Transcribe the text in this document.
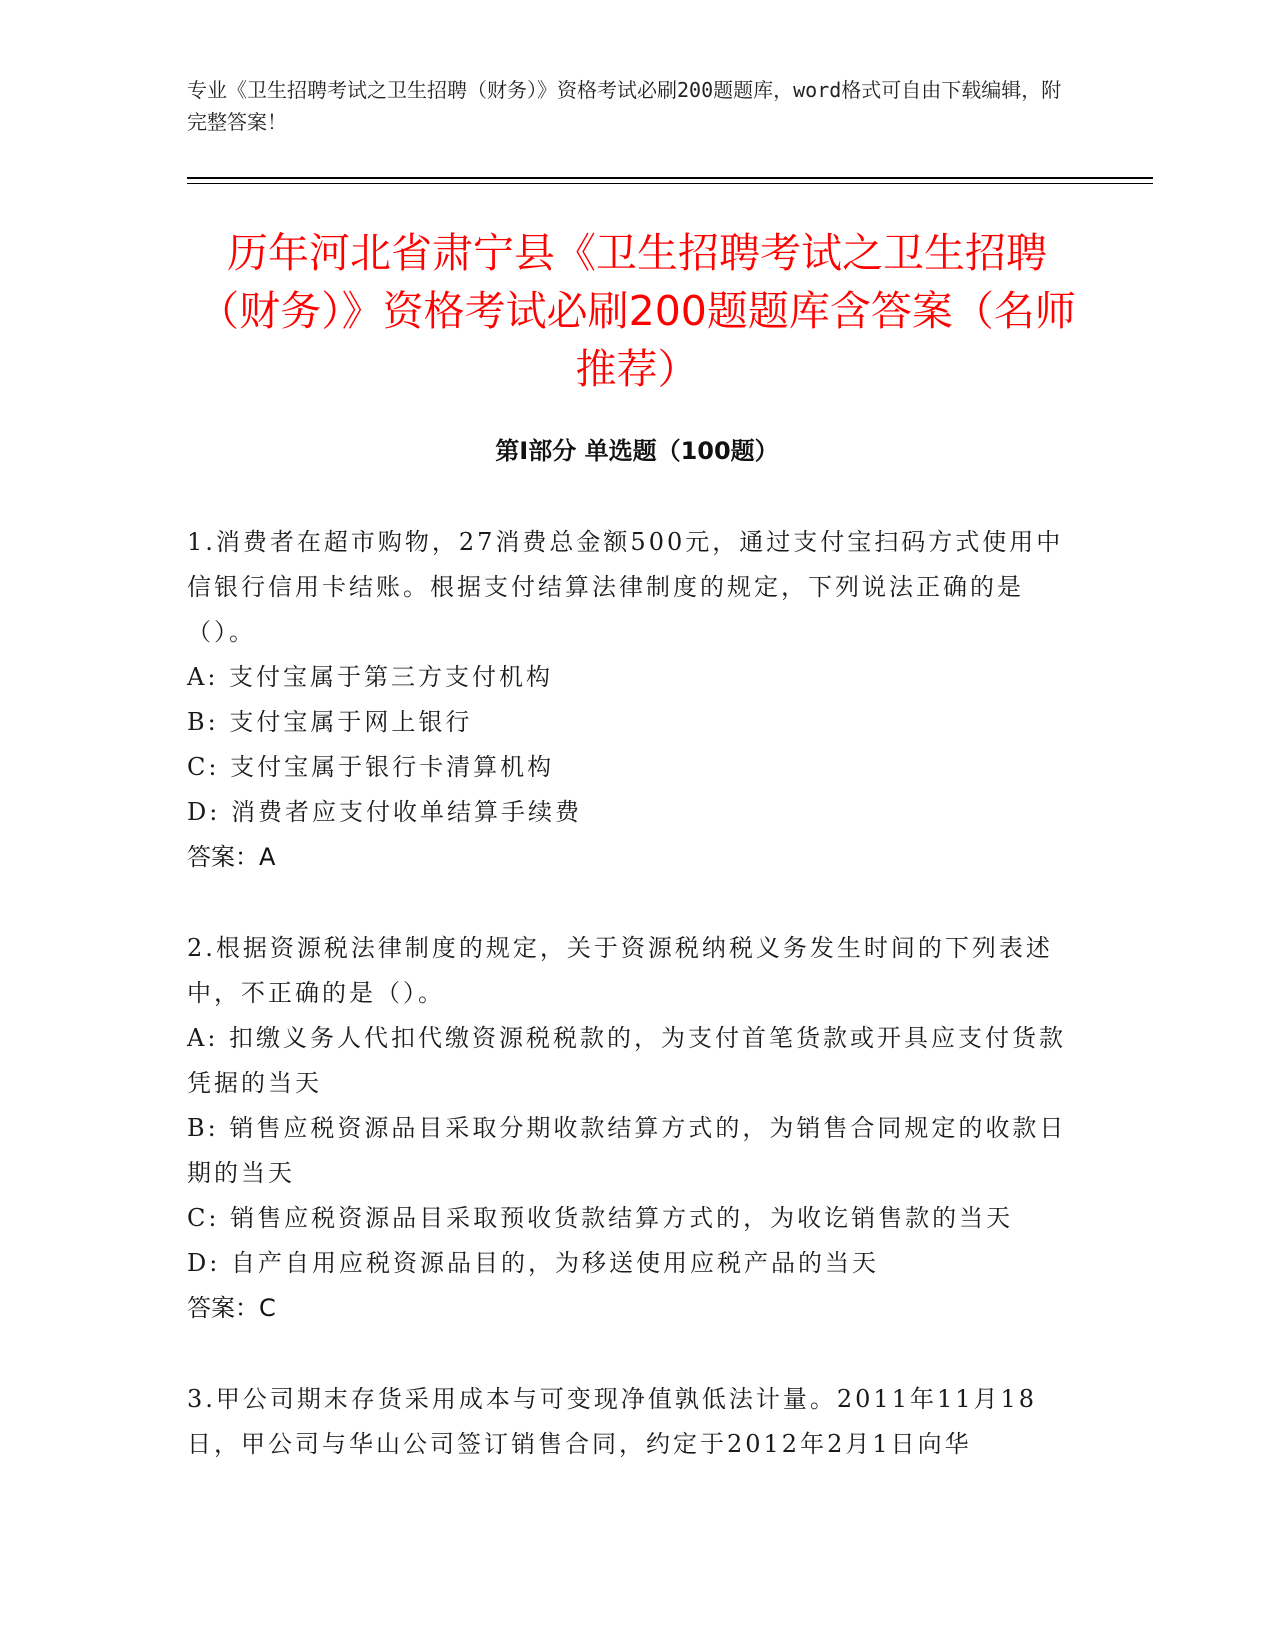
专业《卫生招聘考试之卫生招聘（财务）》资格考试必刷200题题库，word格式可自由下载编辑，附完整答案！
历年河北省肃宁县《卫生招聘考试之卫生招聘（财务）》资格考试必刷200题题库含答案（名师推荐）
第Ⅰ部分 单选题（100题）

1.消费者在超市购物，27消费总金额500元，通过支付宝扫码方式使用中信银行信用卡结账。根据支付结算法律制度的规定，下列说法正确的是（）。

A: 支付宝属于第三方支付机构

B: 支付宝属于网上银行

C: 支付宝属于银行卡清算机构

D: 消费者应支付收单结算手续费

答案：A

2.根据资源税法律制度的规定，关于资源税纳税义务发生时间的下列表述中，不正确的是（）。

A: 扣缴义务人代扣代缴资源税税款的，为支付首笔货款或开具应支付货款凭据的当天

B: 销售应税资源品目采取分期收款结算方式的，为销售合同规定的收款日期的当天

C: 销售应税资源品目采取预收货款结算方式的，为收讫销售款的当天

D: 自产自用应税资源品目的，为移送使用应税产品的当天

答案：C

3.甲公司期末存货采用成本与可变现净值孰低法计量。2011年11月18日，甲公司与华山公司签订销售合同，约定于2012年2月1日向华
